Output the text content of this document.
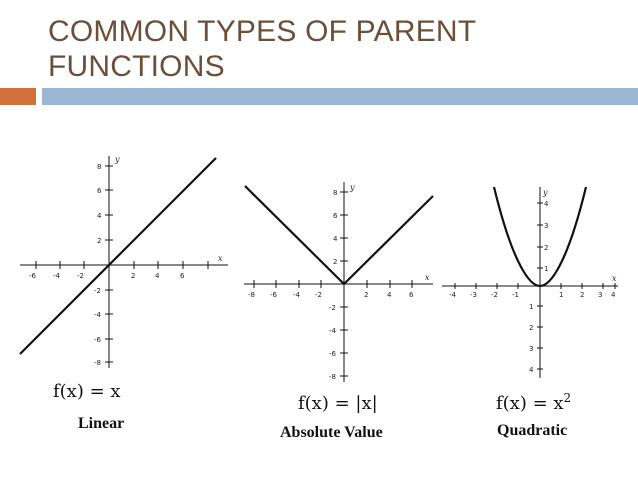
COMMON TYPES OF PARENT
FUNCTIONS
-6 -4 -2	2	4	6
8
6
4
2
-2
-4
-6
-8
x
y
f(x) = x
Linear
-8 -6 -4 -2	2	4	6
8
6
4
2
-2
-4
-6
-8
x
y
f(x) = |x|
Absolute Value
-4 -3 -2 -1	1 2 3 4
4
3
2
1
1
2
3
4
x
y
$f(x) = x^2$
Quadratic
